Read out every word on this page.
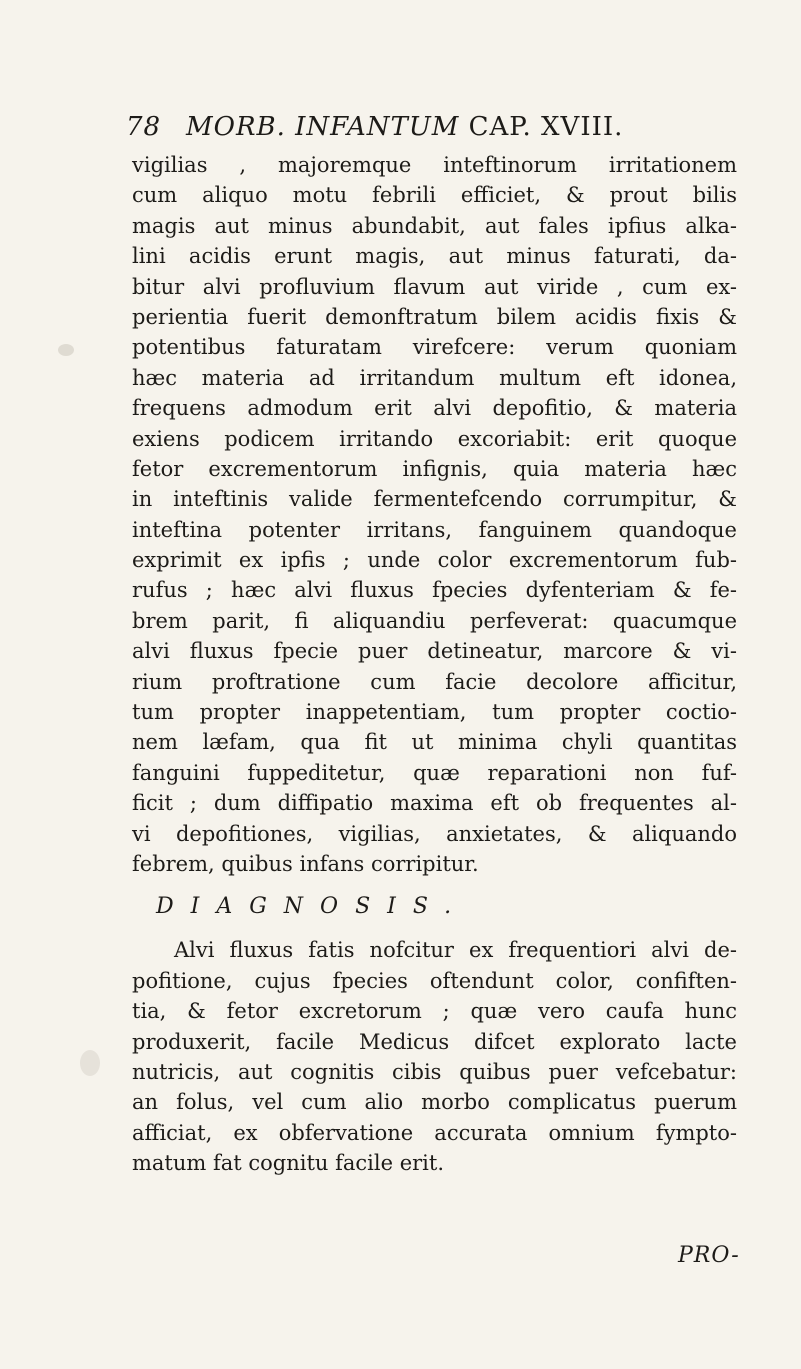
78 MORB. INFANTUM CAP. XVIII.
vigilias , majoremque inteftinorum irritationem
cum aliquo motu febrili efficiet, & prout bilis
magis aut minus abundabit, aut fales ipfius alka-
lini acidis erunt magis, aut minus faturati, da-
bitur alvi profluvium flavum aut viride , cum ex-
perientia fuerit demonftratum bilem acidis fixis &
potentibus faturatam virefcere: verum quoniam
hæc materia ad irritandum multum eft idonea,
frequens admodum erit alvi depofitio, & materia
exiens podicem irritando excoriabit: erit quoque
fetor excrementorum infignis, quia materia hæc
in inteftinis valide fermentefcendo corrumpitur, &
inteftina potenter irritans, fanguinem quandoque
exprimit ex ipfis ; unde color excrementorum fub-
rufus ; hæc alvi fluxus fpecies dyfenteriam & fe-
brem parit, fi aliquandiu perfeverat: quacumque
alvi fluxus fpecie puer detineatur, marcore & vi-
rium proftratione cum facie decolore afficitur,
tum propter inappetentiam, tum propter coctio-
nem læfam, qua fit ut minima chyli quantitas
fanguini fuppeditetur, quæ reparationi non fuf-
ficit ; dum diffipatio maxima eft ob frequentes al-
vi depofitiones, vigilias, anxietates, & aliquando
febrem, quibus infans corripitur.
DIAGNOSIS.
Alvi fluxus fatis nofcitur ex frequentiori alvi de-
pofitione, cujus fpecies oftendunt color, confiften-
tia, & fetor excretorum ; quæ vero caufa hunc
produxerit, facile Medicus difcet explorato lacte
nutricis, aut cognitis cibis quibus puer vefcebatur:
an folus, vel cum alio morbo complicatus puerum
afficiat, ex obfervatione accurata omnium fympto-
matum fat cognitu facile erit.
PRO-
